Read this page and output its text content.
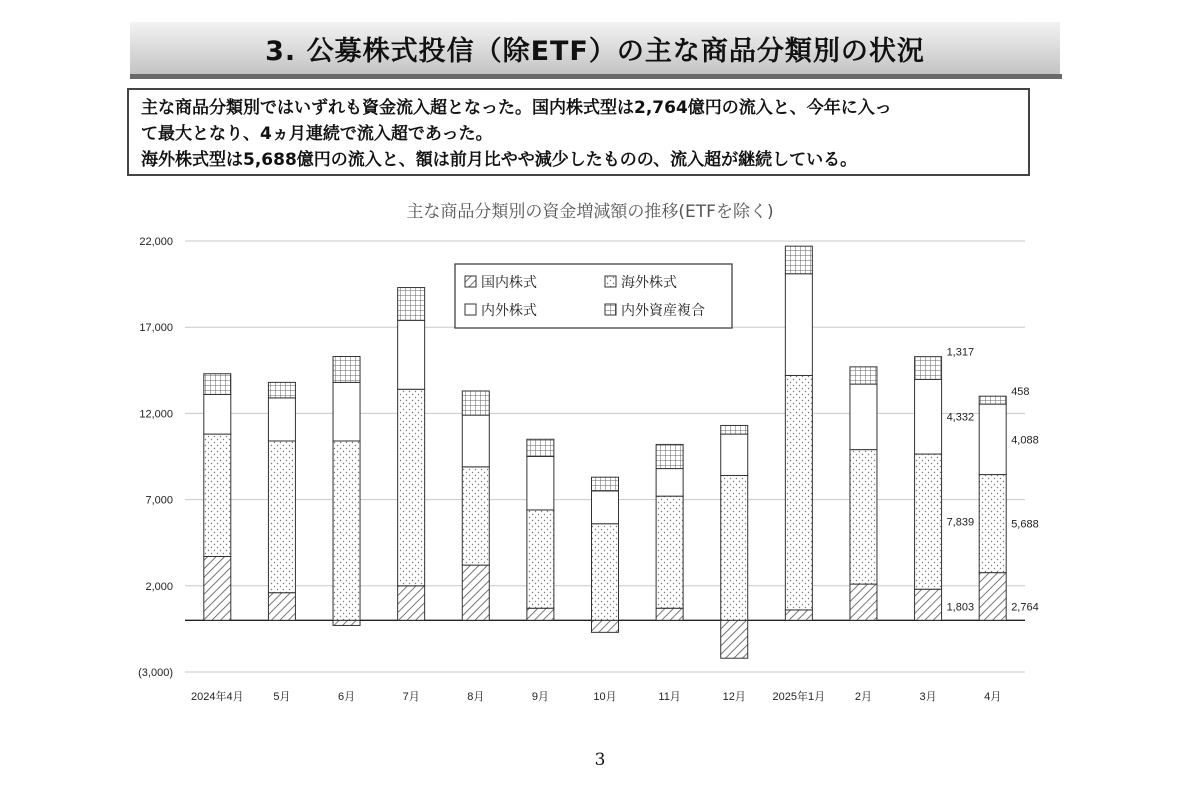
3. 公募株式投信（除ETF）の主な商品分類別の状況
主な商品分類別ではいずれも資金流入超となった。国内株式型は2,764億円の流入と、今年に入っ
て最大となり、4ヵ月連続で流入超であった。
海外株式型は5,688億円の流入と、額は前月比やや減少したものの、流入超が継続している。
主な商品分類別の資金増減額の推移(ETFを除く)
22,000
17,000
12,000
7,000
2,000
(3,000)
2024年4月	5月	6月	7月	8月	9月	10月	11月	12月 2025年1月	2月	3月	4月
1,803
7,839
4,332
1,317
2,764
5,688
4,088
458
国内株式	海外株式
内外株式	内外資産複合
3
